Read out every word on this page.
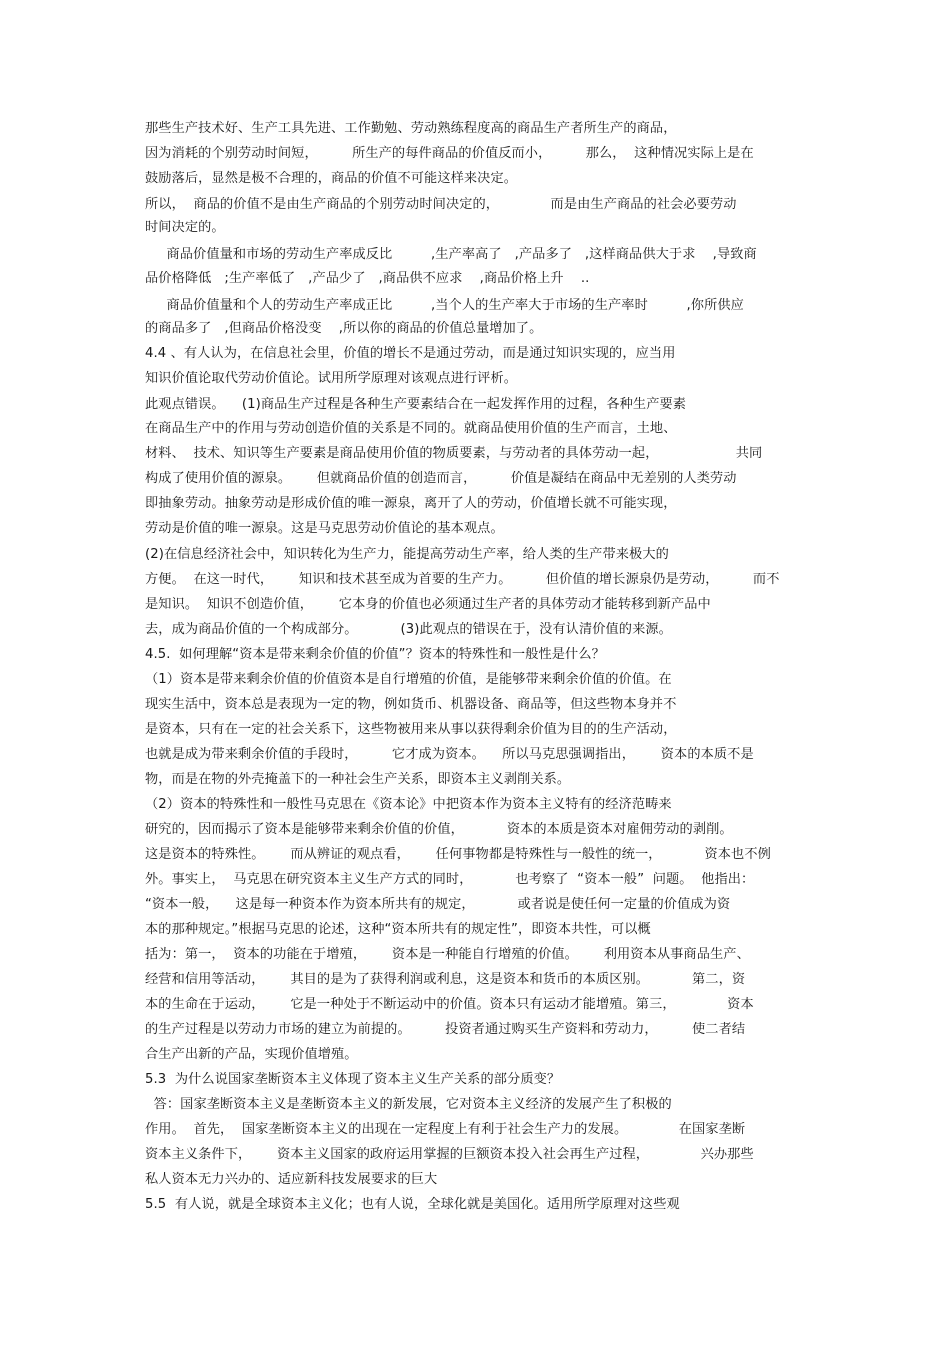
那些生产技术好、生产工具先进、工作勤勉、劳动熟练程度高的商品生产者所生产的商品，

因为消耗的个别劳动时间短，        所生产的每件商品的价值反而小，        那么，  这种情况实际上是在

鼓励落后，显然是极不合理的，商品的价值不可能这样来决定。

所以，  商品的价值不是由生产商品的个别劳动时间决定的，            而是由生产商品的社会必要劳动

时间决定的。

商品价值量和市场的劳动生产率成反比         ,生产率高了   ,产品多了   ,这样商品供大于求    ,导致商

品价格降低   ;生产率低了   ,产品少了   ,商品供不应求    ,商品价格上升    ..

商品价值量和个人的劳动生产率成正比         ,当个人的生产率大于市场的生产率时         ,你所供应

的商品多了   ,但商品价格没变    ,所以你的商品的价值总量增加了。

4.4 、有人认为，在信息社会里，价值的增长不是通过劳动，而是通过知识实现的，应当用

知识价值论取代劳动价值论。试用所学原理对该观点进行评析。

此观点错误。    (1)商品生产过程是各种生产要素结合在一起发挥作用的过程，各种生产要素

在商品生产中的作用与劳动创造价值的关系是不同的。就商品使用价值的生产而言，土地、

材料、  技术、知识等生产要素是商品使用价值的物质要素，与劳动者的具体劳动一起，                  共同

构成了使用价值的源泉。      但就商品价值的创造而言，        价值是凝结在商品中无差别的人类劳动

即抽象劳动。抽象劳动是形成价值的唯一源泉，离开了人的劳动，价值增长就不可能实现，

劳动是价值的唯一源泉。这是马克思劳动价值论的基本观点。

(2)在信息经济社会中，知识转化为生产力，能提高劳动生产率，给人类的生产带来极大的

方便。  在这一时代，      知识和技术甚至成为首要的生产力。        但价值的增长源泉仍是劳动，        而不

是知识。  知识不创造价值，      它本身的价值也必须通过生产者的具体劳动才能转移到新产品中

去，成为商品价值的一个构成部分。          (3)此观点的错误在于，没有认清价值的来源。

4.5.  如何理解“资本是带来剩余价值的价值”？资本的特殊性和一般性是什么？

（1）资本是带来剩余价值的价值资本是自行增殖的价值，是能够带来剩余价值的价值。在

现实生活中，资本总是表现为一定的物，例如货币、机器设备、商品等，但这些物本身并不

是资本，只有在一定的社会关系下，这些物被用来从事以获得剩余价值为目的的生产活动，

也就是成为带来剩余价值的手段时，        它才成为资本。    所以马克思强调指出，      资本的本质不是

物，而是在物的外壳掩盖下的一种社会生产关系，即资本主义剥削关系。

（2）资本的特殊性和一般性马克思在《资本论》中把资本作为资本主义特有的经济范畴来

研究的，因而揭示了资本是能够带来剩余价值的价值，          资本的本质是资本对雇佣劳动的剥削。

这是资本的特殊性。      而从辨证的观点看，      任何事物都是特殊性与一般性的统一，          资本也不例

外。事实上，  马克思在研究资本主义生产方式的同时，          也考察了  “资本一般”  问题。  他指出：

“资本一般，    这是每一种资本作为资本所共有的规定，          或者说是使任何一定量的价值成为资

本的那种规定。”根据马克思的论述，这种“资本所共有的规定性”，即资本共性，可以概

括为：第一，  资本的功能在于增殖，      资本是一种能自行增殖的价值。      利用资本从事商品生产、

经营和信用等活动，      其目的是为了获得利润或利息，这是资本和货币的本质区别。          第二，资

本的生命在于运动，      它是一种处于不断运动中的价值。资本只有运动才能增殖。第三，            资本

的生产过程是以劳动力市场的建立为前提的。        投资者通过购买生产资料和劳动力，        使二者结

合生产出新的产品，实现价值增殖。

5.3  为什么说国家垄断资本主义体现了资本主义生产关系的部分质变？

答：国家垄断资本主义是垄断资本主义的新发展，它对资本主义经济的发展产生了积极的

作用。  首先，  国家垄断资本主义的出现在一定程度上有利于社会生产力的发展。            在国家垄断

资本主义条件下，      资本主义国家的政府运用掌握的巨额资本投入社会再生产过程，            兴办那些

私人资本无力兴办的、适应新科技发展要求的巨大

5.5  有人说，就是全球资本主义化；也有人说，全球化就是美国化。适用所学原理对这些观
